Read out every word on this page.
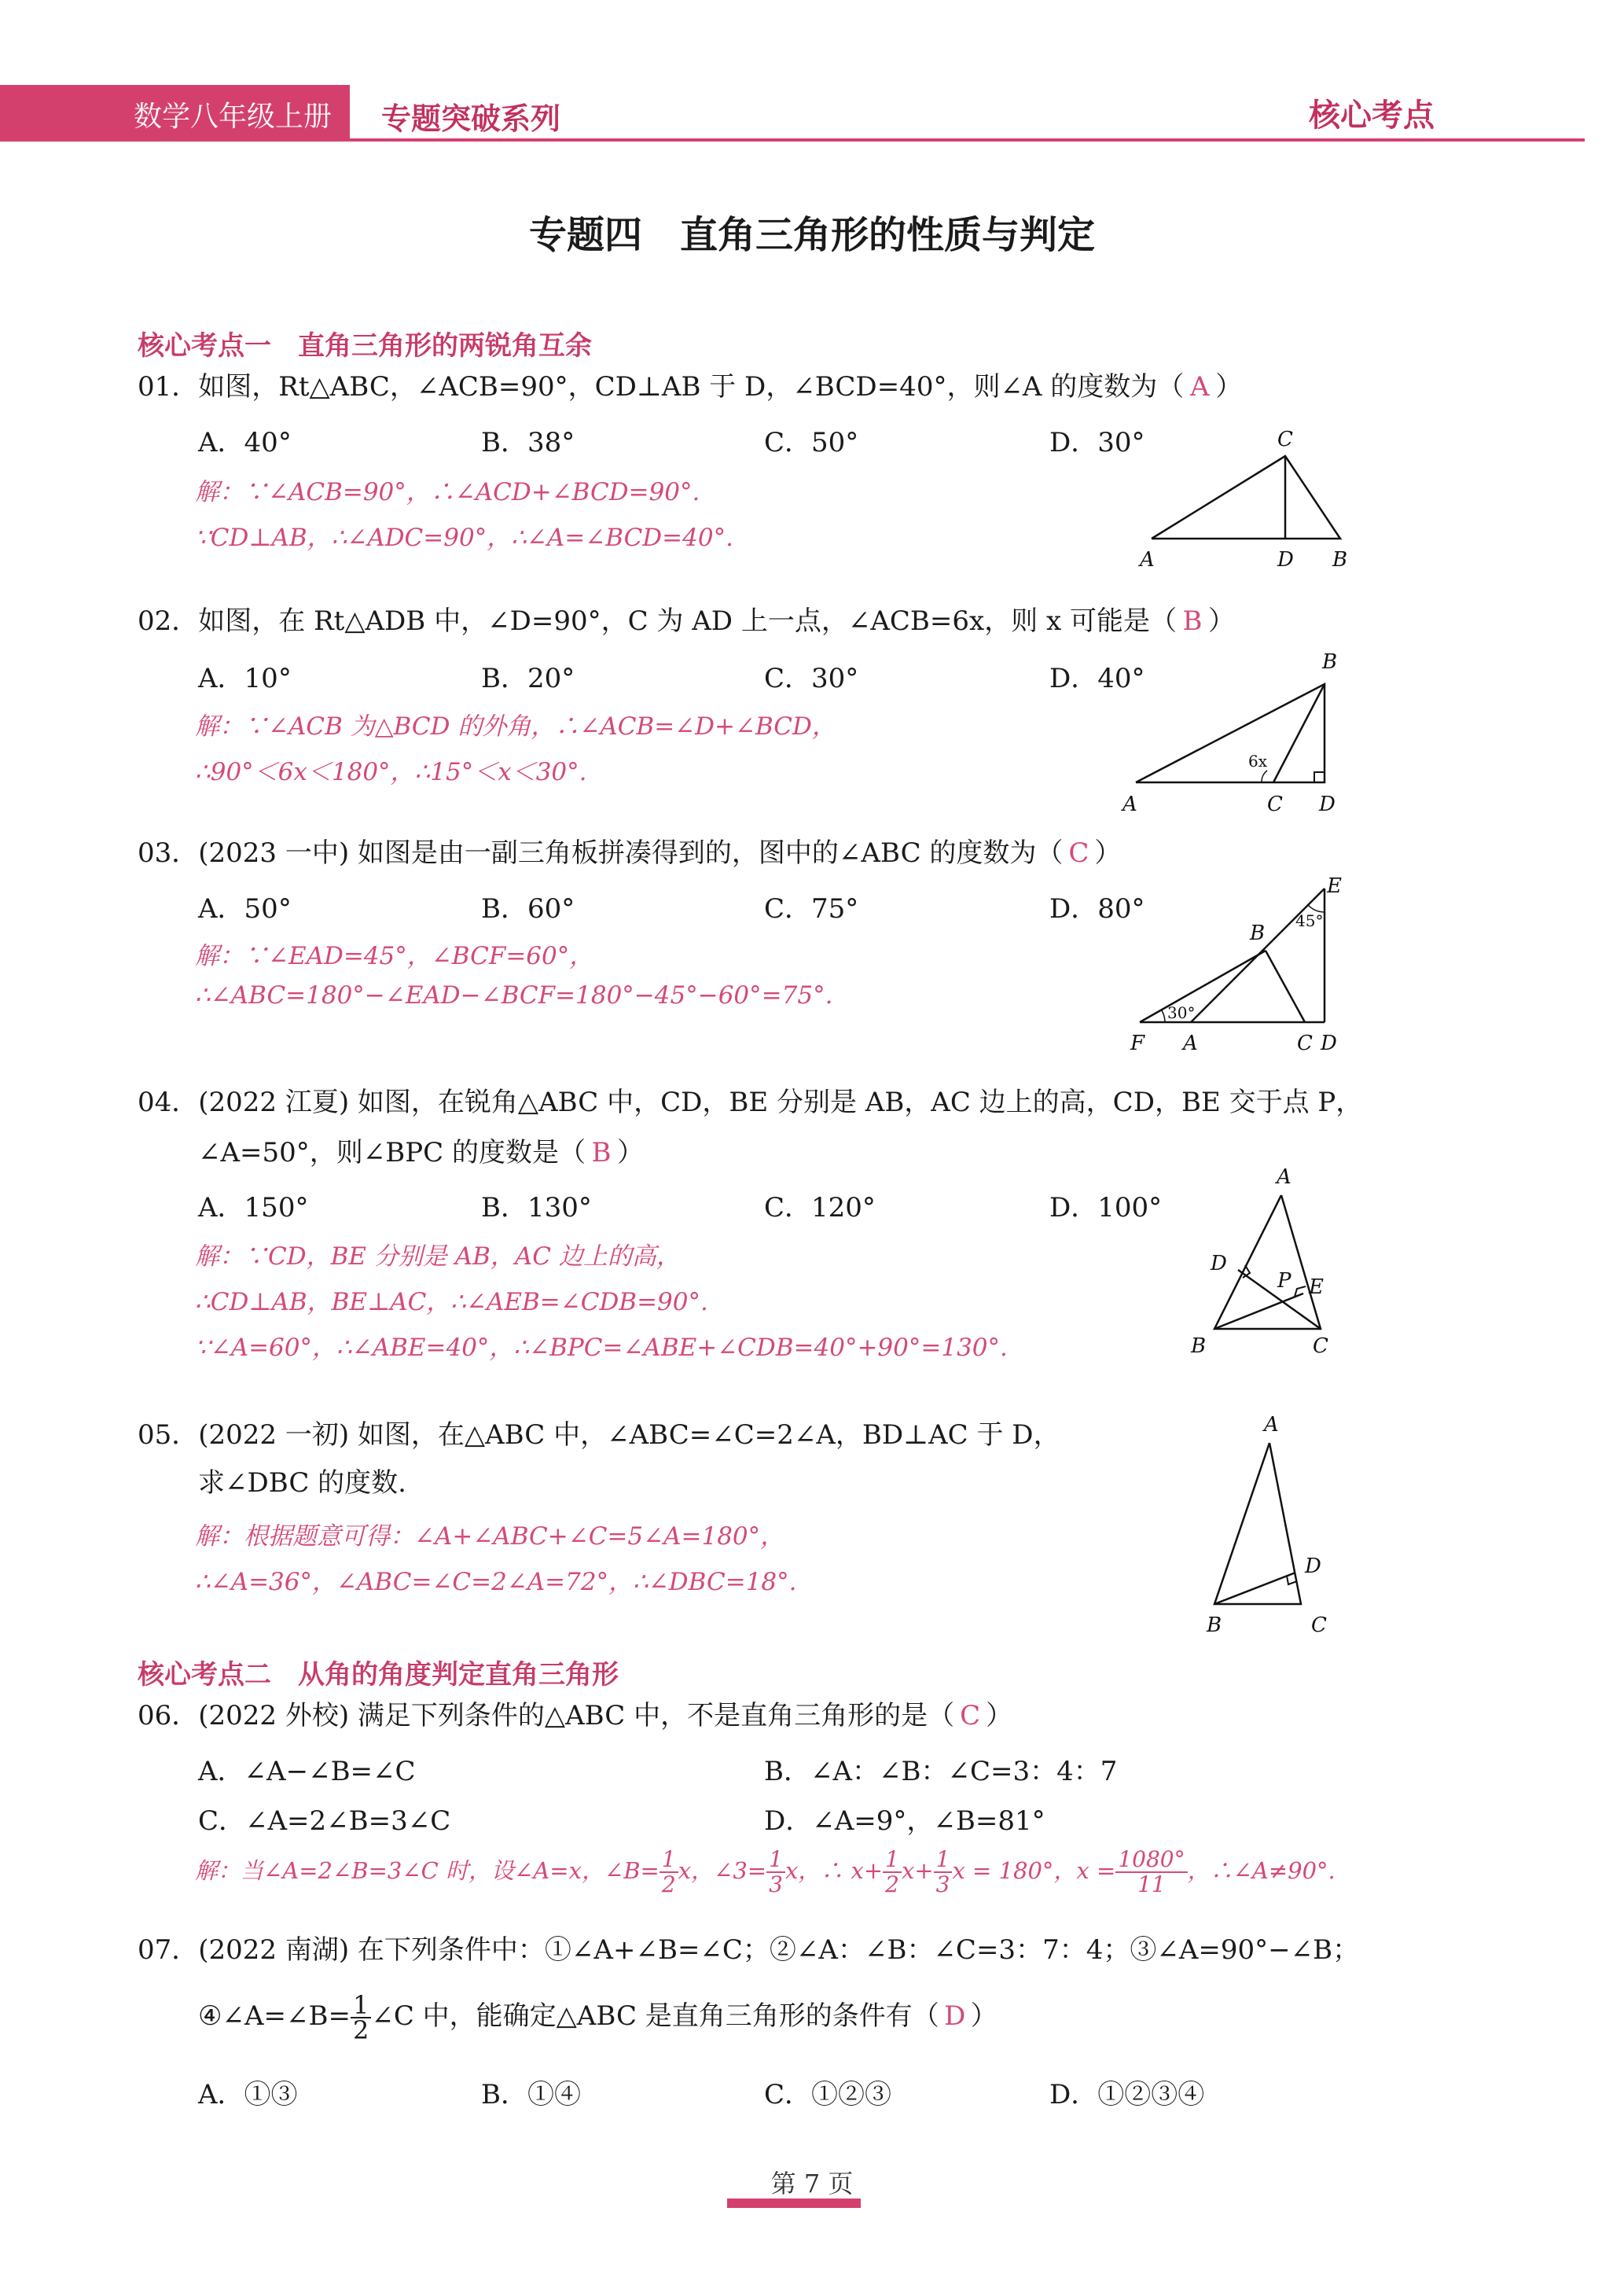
数学八年级上册 专题突破系列	核心考点
专题四　直角三角形的性质与判定
核心考点一　直角三角形的两锐角互余
01．如图，Rt△ABC，∠ACB=90°，CD⊥AB 于 D，∠BCD=40°，则∠A 的度数为（ A ）
A．40°	B．38°	C．50°	D．30°
解：∵∠ACB=90°，∴∠ACD+∠BCD=90°.
∵CD⊥AB，∴∠ADC=90°，∴∠A=∠BCD=40°.
C
A	D B
02．如图，在 Rt△ADB 中，∠D=90°，C 为 AD 上一点，∠ACB=6x，则 x 可能是（ B ）
A．10°	B．20°	C．30°	D．40°
解：∵∠ACB 为△BCD 的外角，∴∠ACB=∠D+∠BCD，
∴90°＜6x＜180°，∴15°＜x＜30°.
B
6x
A	C D
03．(2023 一中) 如图是由一副三角板拼凑得到的，图中的∠ABC 的度数为（ C ）
A．50°	B．60°	C．75°	D．80°
解：∵∠EAD=45°，∠BCF=60°，
∴∠ABC=180°−∠EAD−∠BCF=180°−45°−60°=75°.
E
45°
B
30°
F A	C D
04．(2022 江夏) 如图，在锐角△ABC 中，CD，BE 分别是 AB，AC 边上的高，CD，BE 交于点 P，
∠A=50°，则∠BPC 的度数是（ B ）
A．150°	B．130°	C．120°	D．100°
解：∵CD，BE 分别是 AB，AC 边上的高，
∴CD⊥AB，BE⊥AC，∴∠AEB=∠CDB=90°.
∵∠A=60°，∴∠ABE=40°，∴∠BPC=∠ABE+∠CDB=40°+90°=130°.
A
D
P E
B	C
05．(2022 一初) 如图，在△ABC 中，∠ABC=∠C=2∠A，BD⊥AC 于 D，
求∠DBC 的度数.
解：根据题意可得：∠A+∠ABC+∠C=5∠A=180°，
∴∠A=36°，∠ABC=∠C=2∠A=72°，∴∠DBC=18°.
A
D
B	C
核心考点二　从角的角度判定直角三角形
06．(2022 外校) 满足下列条件的△ABC 中，不是直角三角形的是（ C ）
A．∠A−∠B=∠C	B．∠A：∠B：∠C=3：4：7
C．∠A=2∠B=3∠C	D．∠A=9°，∠B=81°
解：当∠A=2∠B=3∠C 时，设∠A=x，∠B= $\frac{1}{2}$ x，∠3= $\frac{1}{3}$ x，∴ $x+ \frac{1}{2} x+ \frac{1}{3}$ x = 180°，$x = \frac{1080^\circ}{11}$ ，∴∠A≠90°.
07．(2022 南湖) 在下列条件中：①∠A+∠B=∠C；②∠A：∠B：∠C=3：7：4；③∠A=90°−∠B；
④∠A=∠B= $\frac{1}{2}$ ∠C 中，能确定△ABC 是直角三角形的条件有（ D ）
A．①③	B．①④	C．①②③	D．①②③④
第 7 页
